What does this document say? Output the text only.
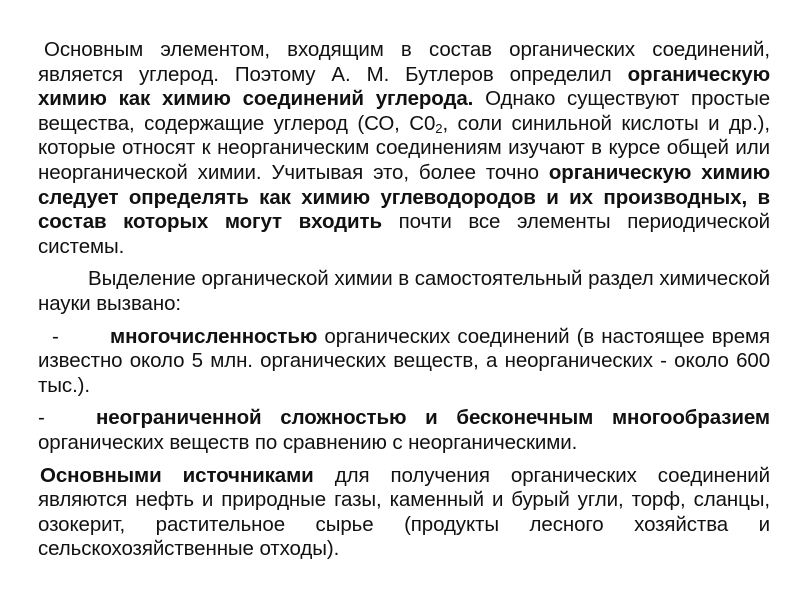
Основным элементом, входящим в состав органических соединений, является углерод. Поэтому А. М. Бутлеров определил органическую химию как химию соединений углерода. Однако существуют простые вещества, содержащие углерод (СО, $С0_2$, соли синильной кислоты и др.), которые относят к неорганическим соединениям изучают в курсе общей или неорганической химии. Учитывая это, более точно органическую химию следует определять как химию углеводородов и их производных, в состав которых могут входить почти все элементы периодической системы.

Выделение органической химии в самостоятельный раздел химической науки вызвано:

-	многочисленностью органических соединений (в настоящее время известно около 5 млн. органических веществ, а неорганических - около 600 тыс.).

-	неограниченной сложностью и бесконечным многообразием органических веществ по сравнению с неорганическими.

Основными источниками для получения органических соединений являются нефть и природные газы, каменный и бурый угли, торф, сланцы, озокерит, растительное сырье (продукты лесного хозяйства и сельскохозяйственные отходы).
